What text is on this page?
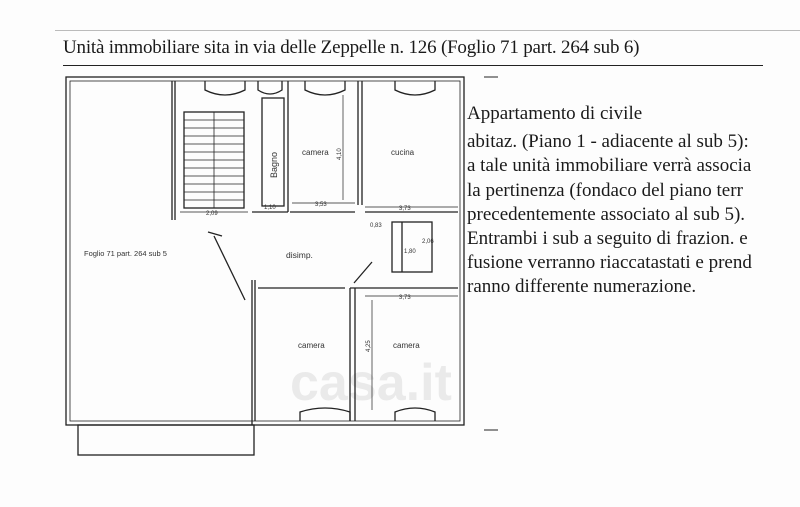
Unità immobiliare sita in via delle Zeppelle n. 126 (Foglio 71 part. 264 sub 6)
Foglio 71 part. 264 sub 5
Bagno	camera	cucina
disimp.
camera	camera
2,09
1,10	3,53
3,73
4,10
0,83
2,06
1,80
3,73
4,25
casa.it
Appartamento di civile
abitaz. (Piano 1 - adiacente al sub 5):
a tale unità immobiliare verrà associa
la pertinenza (fondaco del piano terr
precedentemente associato al sub 5).
Entrambi i sub a seguito di frazion. e
fusione verranno riaccatastati e prend
ranno differente numerazione.
